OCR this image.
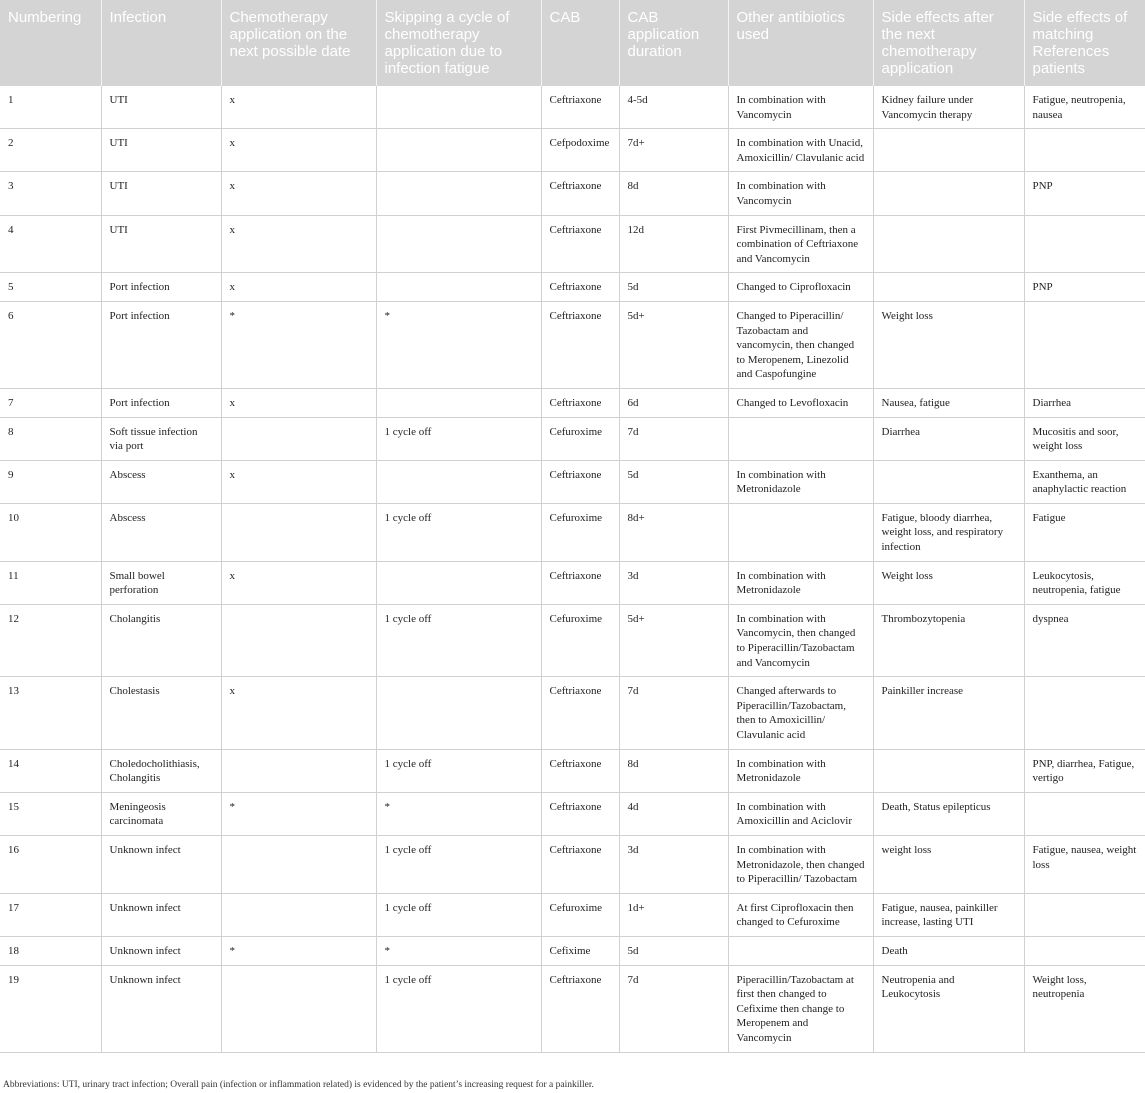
Numbering	Infection	Chemotherapy application on the next possible date	Skipping a cycle of chemotherapy application due to infection fatigue	CAB	CAB application duration	Other antibiotics used	Side effects after the next chemotherapy application	Side effects of matching References patients
1	UTI	x		Ceftriaxone	4-5d	In combination with Vancomycin	Kidney failure under Vancomycin therapy	Fatigue, neutropenia, nausea
2	UTI	x		Cefpodoxime	7d+	In combination with Unacid, Amoxicillin/ Clavulanic acid		
3	UTI	x		Ceftriaxone	8d	In combination with Vancomycin		PNP
4	UTI	x		Ceftriaxone	12d	First Pivmecillinam, then a combination of Ceftriaxone and Vancomycin		
5	Port infection	x		Ceftriaxone	5d	Changed to Ciprofloxacin		PNP
6	Port infection	*	*	Ceftriaxone	5d+	Changed to Piperacillin/ Tazobactam and vancomycin, then changed to Meropenem, Linezolid and Caspofungine	Weight loss	
7	Port infection	x		Ceftriaxone	6d	Changed to Levofloxacin	Nausea, fatigue	Diarrhea
8	Soft tissue infection via port		1 cycle off	Cefuroxime	7d		Diarrhea	Mucositis and soor, weight loss
9	Abscess	x		Ceftriaxone	5d	In combination with Metronidazole		Exanthema, an anaphylactic reaction
10	Abscess		1 cycle off	Cefuroxime	8d+		Fatigue, bloody diarrhea, weight loss, and respiratory infection	Fatigue
11	Small bowel perforation	x		Ceftriaxone	3d	In combination with Metronidazole	Weight loss	Leukocytosis, neutropenia, fatigue
12	Cholangitis		1 cycle off	Cefuroxime	5d+	In combination with Vancomycin, then changed to Piperacillin/Tazobactam and Vancomycin	Thrombozytopenia	dyspnea
13	Cholestasis	x		Ceftriaxone	7d	Changed afterwards to Piperacillin/Tazobactam, then to Amoxicillin/ Clavulanic acid	Painkiller increase	
14	Choledocholithiasis, Cholangitis		1 cycle off	Ceftriaxone	8d	In combination with Metronidazole		PNP, diarrhea, Fatigue, vertigo
15	Meningeosis carcinomata	*	*	Ceftriaxone	4d	In combination with Amoxicillin and Aciclovir	Death, Status epilepticus	
16	Unknown infect		1 cycle off	Ceftriaxone	3d	In combination with Metronidazole, then changed to Piperacillin/ Tazobactam	weight loss	Fatigue, nausea, weight loss
17	Unknown infect		1 cycle off	Cefuroxime	1d+	At first Ciprofloxacin then changed to Cefuroxime	Fatigue, nausea, painkiller increase, lasting UTI	
18	Unknown infect	*	*	Cefixime	5d		Death	
19	Unknown infect		1 cycle off	Ceftriaxone	7d	Piperacillin/Tazobactam at first then changed to Cefixime then change to Meropenem and Vancomycin	Neutropenia and Leukocytosis	Weight loss, neutropenia
Abbreviations: UTI, urinary tract infection; Overall pain (infection or inflammation related) is evidenced by the patient’s increasing request for a painkiller.
